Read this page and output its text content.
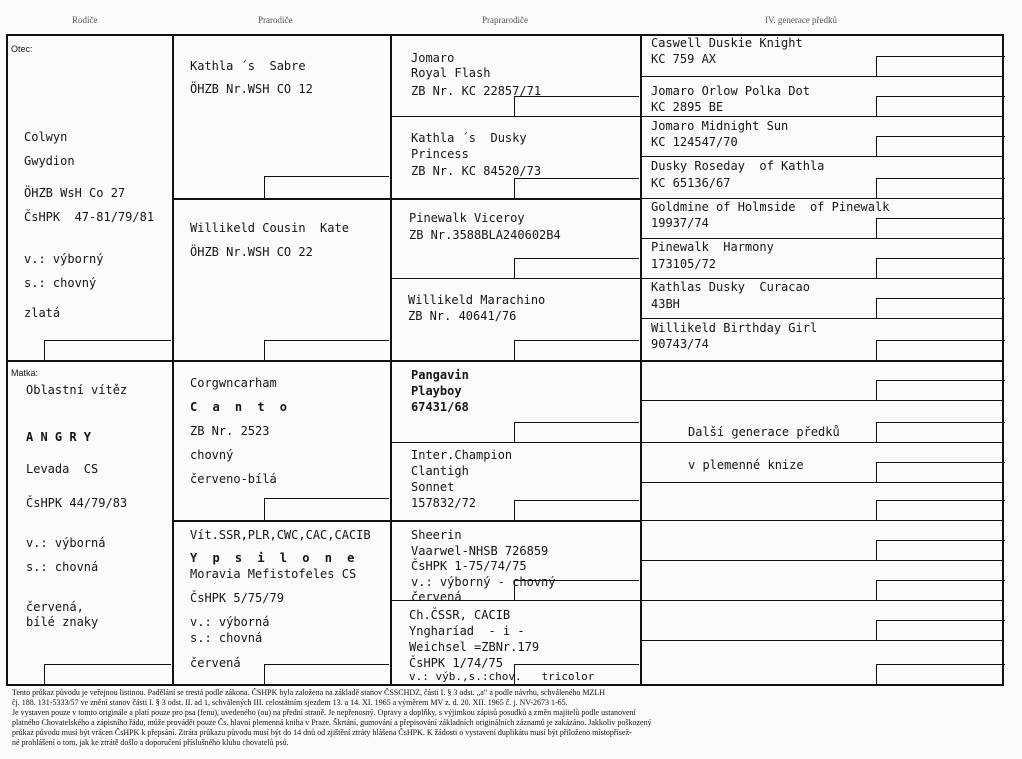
Rodiče	Prarodiče	Praprarodiče	IV. generace předků
Otec:
Colwyn
Gwydion
ÖHZB WsH Co 27
ČsHPK  47-81/79/81
v.: výborný
s.: chovný
zlatá
Matka:
Oblastní vítěz
A N G R Y
Levada  CS
ČsHPK 44/79/83
v.: výborná
s.: chovná
červená,
bílé znaky
Kathla ´s  Sabre
ÖHZB Nr.WSH CO 12
Willikeld Cousin  Kate
ÖHZB Nr.WSH CO 22
Corgwncarham
C a n t o
ZB Nr. 2523
chovný
červeno-bílá
Vít.SSR,PLR,CWC,CAC,CACIB
Y p s i l o n e
Moravia Mefistofeles CS
ČsHPK 5/75/79
v.: výborná
s.: chovná
červená
Jomaro
Royal Flash
ZB Nr. KC 22857/71
Kathla ´s  Dusky
Princess
ZB Nr. KC 84520/73
Pinewalk Viceroy
ZB Nr.3588BLA240602B4
Willikeld Marachino
ZB Nr. 40641/76
Pangavin
Playboy
67431/68
Inter.Champion
Clantigh
Sonnet
157832/72
Sheerin
Vaarwel-NHSB 726859
ČsHPK 1-75/74/75
v.: výborný - chovný
červená
Ch.ČSSR, CACIB
Yngharíad  - i -
Weichsel =ZBNr.179
ČsHPK 1/74/75
v.: výb.,s.:chov.   tricolor
Caswell Duskie Knight
KC 759 AX
Jomaro Orlow Polka Dot
KC 2895 BE
Jomaro Midnight Sun
KC 124547/70
Dusky Roseday  of Kathla
KC 65136/67
Goldmine of Holmside  of Pinewalk
19937/74
Pinewalk  Harmony
173105/72
Kathlas Dusky  Curacao
43BH
Willikeld Birthday Girl
90743/74
Další generace předků
v plemenné knize

Tento průkaz původu je veřejnou listinou. Padělání se trestá podle zákona. ČSHPK byla založena na základě stanov ČSSCHDZ, části I. § 3 odst. „a“ a podle návrhu, schváleného MZLH

čj. 188. 131-5333/57 ve znění stanov části I. § 3 odst. II. ad 1, schválených III. celostátním sjezdem 13. a 14. XI. 1965 a výměrem MV z. d. 20. XII. 1965 č. j. NV-2673 1-65.

Je vystaven pouze v tomto originále a platí pouze pro psa (fenu), uvedeného (ou) na přední straně. Je nepřenosný. Opravy a doplňky, s výjimkou zápisů posudků a změn majitelů podle ustanovení

platného Chovatelského a zápisního řádu, může provádět pouze Čs. hlavní plemenná kniha v Praze. Škrtání, gumování a přepisování základních originálních záznamů je zakázáno. Jakkoliv poškozený

průkaz původu musí být vrácen ČsHPK k přepsání. Ztráta průkazu původu musí být do 14 dnů od zjištění ztráty hlášena ČsHPK. K žádosti o vystavení duplikátu musí být přiloženo místopřísež-

né prohlášení o tom, jak ke ztrátě došlo a doporučení příslušného klubu chovatelů psů.
